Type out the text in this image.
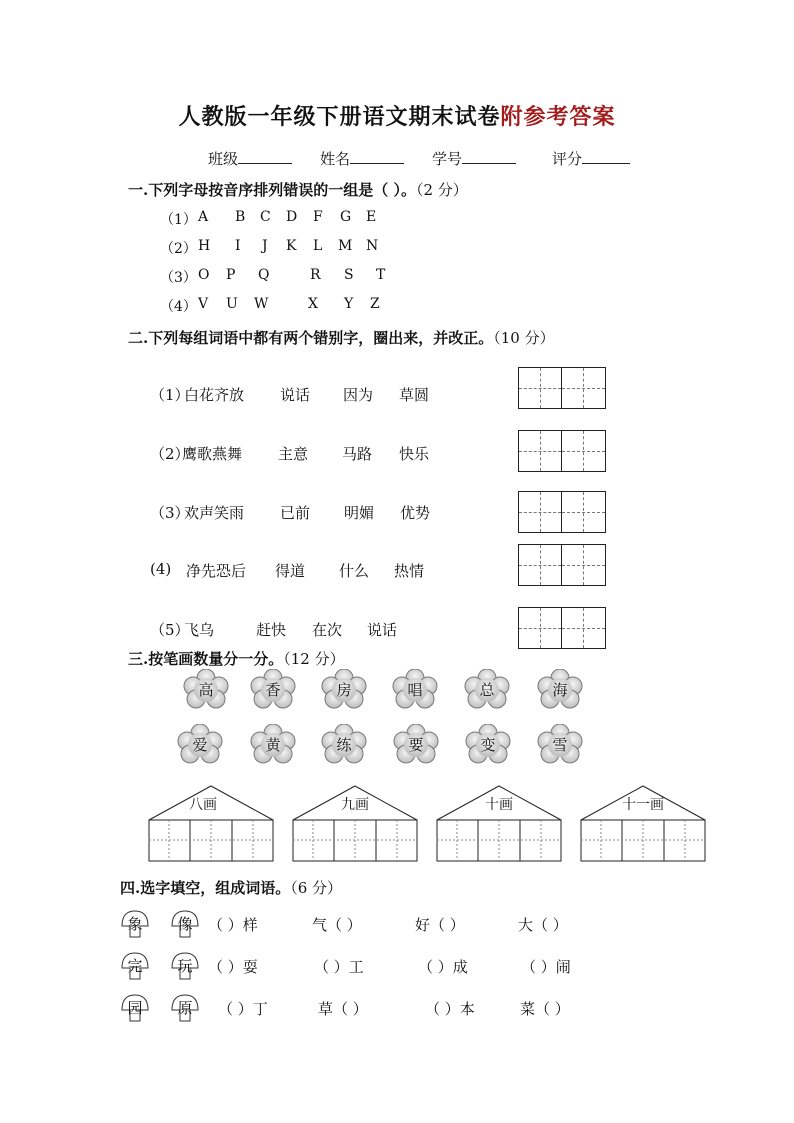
人教版一年级下册语文期末试卷附参考答案
班级	姓名	学号	评分
一.下列字母按音序排列错误的一组是（ ）。（2 分）
（1） A B C D F G E
（2） H I J K L M N
（3） O P Q	R S T
（4） V U W	X Y Z
二.下列每组词语中都有两个错别字，圈出来，并改正。（10 分）
（1）
白花齐放 说话 因为 草圆
（2）
鹰歌燕舞 主意 马路 快乐
（3）
欢声笑雨 已前 明媚 优势
(4) 净先恐后 得道 什么 热情
（5）
飞乌	赶快 在次 说话
三.按笔画数量分一分。（12 分）
高	香	房	唱	总	海
爱	黄	练	要	变	雪
八画	九画	十画	十一画
四.选字填空，组成词语。（6 分）
象	像	（ ）样	气（ ）	好（ ）	大（ ）
完	玩	（ ）耍	（ ）工	（ ）成	（ ）闹
园	原	（ ）丁	草（ ）	（ ）本	菜（ ）
